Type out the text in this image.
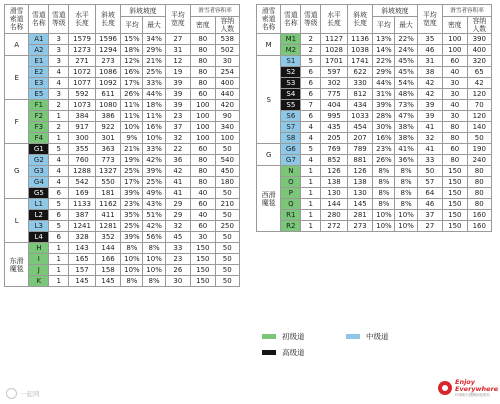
滑雪
索道
名称	雪道
名称	雪道
等级	水平
长度	斜坡
长度	斜坡坡度		平均
宽度	滑雪者容积率	
					平均	最大		密度	容纳
人数
A	A1	3	1579	1596	15%	34%	27	80	538
	A2	3	1273	1294	18%	29%	31	80	502
E	E1	3	271	273	12%	21%	12	80	30
	E2	4	1072	1086	16%	25%	19	80	254
	E3	4	1077	1092	17%	33%	39	80	400
	E5	3	592	611	26%	44%	39	60	440
F	F1	2	1073	1080	11%	18%	39	100	420
	F2	1	384	386	11%	11%	23	100	90
	F3	2	917	922	10%	16%	37	100	340
	F4	1	300	301	9%	10%	32	100	100
G	G1	5	355	363	21%	33%	22	60	50
	G2	4	760	773	19%	42%	36	80	540
	G3	4	1288	1327	25%	39%	42	80	450
	G4	4	542	550	17%	25%	41	80	180
	G5	6	169	181	39%	49%	41	40	50
L	L1	5	1133	1162	23%	43%	29	60	210
	L2	6	387	411	35%	51%	29	40	50
	L3	5	1241	1281	25%	42%	32	60	250
	L4	6	328	352	39%	56%	45	30	50
东滑
魔毯	H	1	143	144	8%	8%	33	150	50
	I	1	165	166	10%	10%	23	150	50
	J	1	157	158	10%	10%	26	150	50
	K	1	145	145	8%	8%	30	150	50
滑雪
索道
名称	雪道
名称	雪道
等级	水平
长度	斜坡
长度	斜坡坡度		平均
宽度	滑雪者容积率	
					平均	最大		密度	容纳
人数
M	M1	2	1127	1136	13%	22%	35	100	390
	M2	2	1028	1038	14%	24%	46	100	400
S	S1	5	1701	1741	22%	45%	31	60	320
	S2	6	597	622	29%	45%	38	40	65
	S3	6	302	330	44%	54%	42	30	42
	S4	6	775	812	31%	48%	42	30	120
	S5	7	404	434	39%	73%	39	40	70
	S6	6	995	1033	28%	47%	39	30	120
	S7	4	435	454	30%	38%	41	80	140
	S8	4	205	207	16%	38%	32	80	50
G	G6	5	769	789	23%	41%	41	60	190
	G7	4	852	881	26%	36%	33	80	240
西滑
魔毯	N	1	126	126	8%	8%	50	150	80
	O	1	138	138	8%	8%	57	150	80
	P	1	130	130	8%	8%	64	150	80
	Q	1	144	145	8%	8%	46	150	80
	R1	1	280	281	10%	10%	37	150	160
	R2	1	272	273	10%	10%	27	150	160
初级道	中级道
高级道
Enjoy
Everywhere
环球旅行图腾到处都有
一起网
